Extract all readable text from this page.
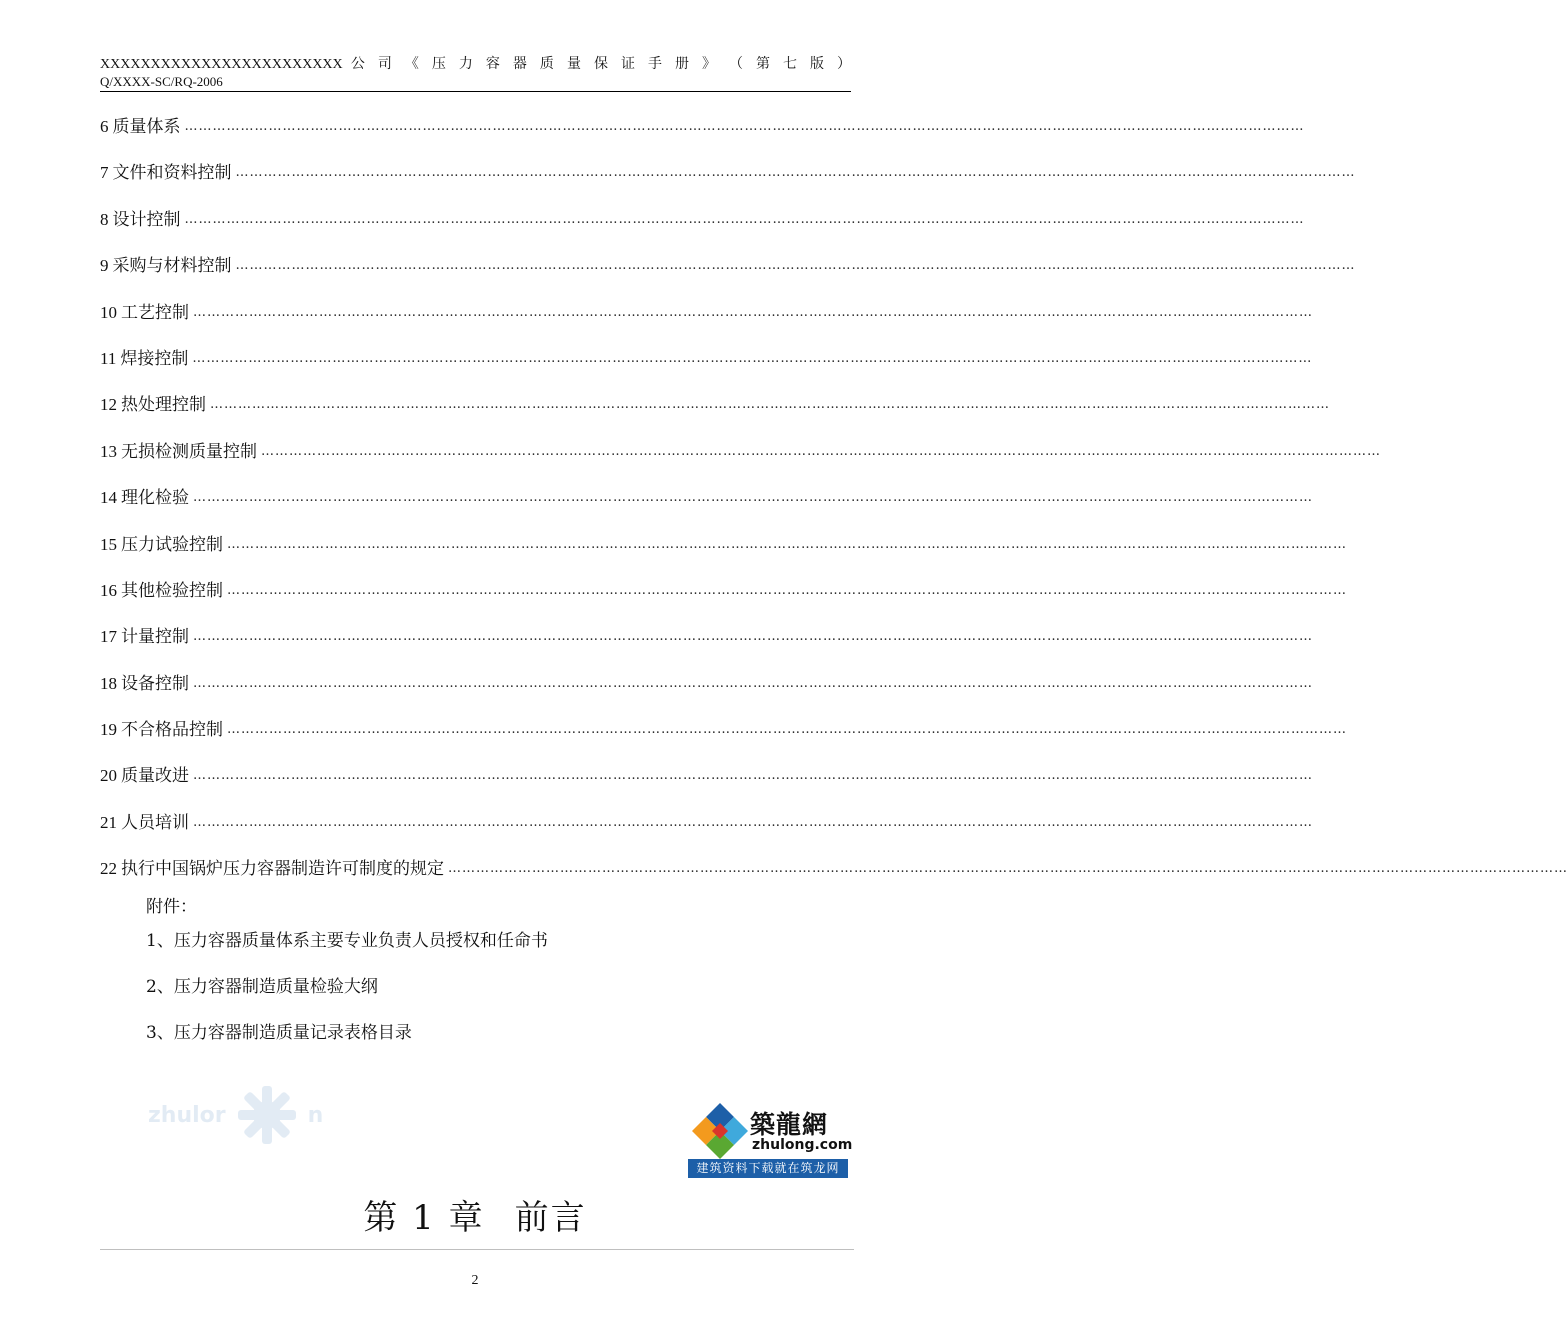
XXXXXXXXXXXXXXXXXXXXXXXX 公 司 《 压 力 容 器 质 量 保 证 手 册 》 （ 第 七 版 ）
Q/XXXX-SC/RQ-2006
6 质量体系 ……………………………………………………………………………………………………………………………………………………………………………………………………………………
7 文件和资料控制 ……………………………………………………………………………………………………………………………………………………………………………………………………………………
8 设计控制 ……………………………………………………………………………………………………………………………………………………………………………………………………………………
9 采购与材料控制 ……………………………………………………………………………………………………………………………………………………………………………………………………………………
10 工艺控制 ……………………………………………………………………………………………………………………………………………………………………………………………………………………
11 焊接控制 ……………………………………………………………………………………………………………………………………………………………………………………………………………………
12 热处理控制 ……………………………………………………………………………………………………………………………………………………………………………………………………………………
13 无损检测质量控制 ……………………………………………………………………………………………………………………………………………………………………………………………………………………
14 理化检验 ……………………………………………………………………………………………………………………………………………………………………………………………………………………
15 压力试验控制 ……………………………………………………………………………………………………………………………………………………………………………………………………………………
16 其他检验控制 ……………………………………………………………………………………………………………………………………………………………………………………………………………………
17 计量控制 ……………………………………………………………………………………………………………………………………………………………………………………………………………………
18 设备控制 ……………………………………………………………………………………………………………………………………………………………………………………………………………………
19 不合格品控制 ……………………………………………………………………………………………………………………………………………………………………………………………………………………
20 质量改进 ……………………………………………………………………………………………………………………………………………………………………………………………………………………
21 人员培训 ……………………………………………………………………………………………………………………………………………………………………………………………………………………
22 执行中国锅炉压力容器制造许可制度的规定 ……………………………………………………………………………………………………………………………………………………………………………………………………………………
附件：
1、压力容器质量体系主要专业负责人员授权和任命书
2、压力容器制造质量检验大纲
3、压力容器制造质量记录表格目录
zhulor	n	築龍網
zhulong.com
建筑资料下载就在筑龙网
第 1 章 前言
2
